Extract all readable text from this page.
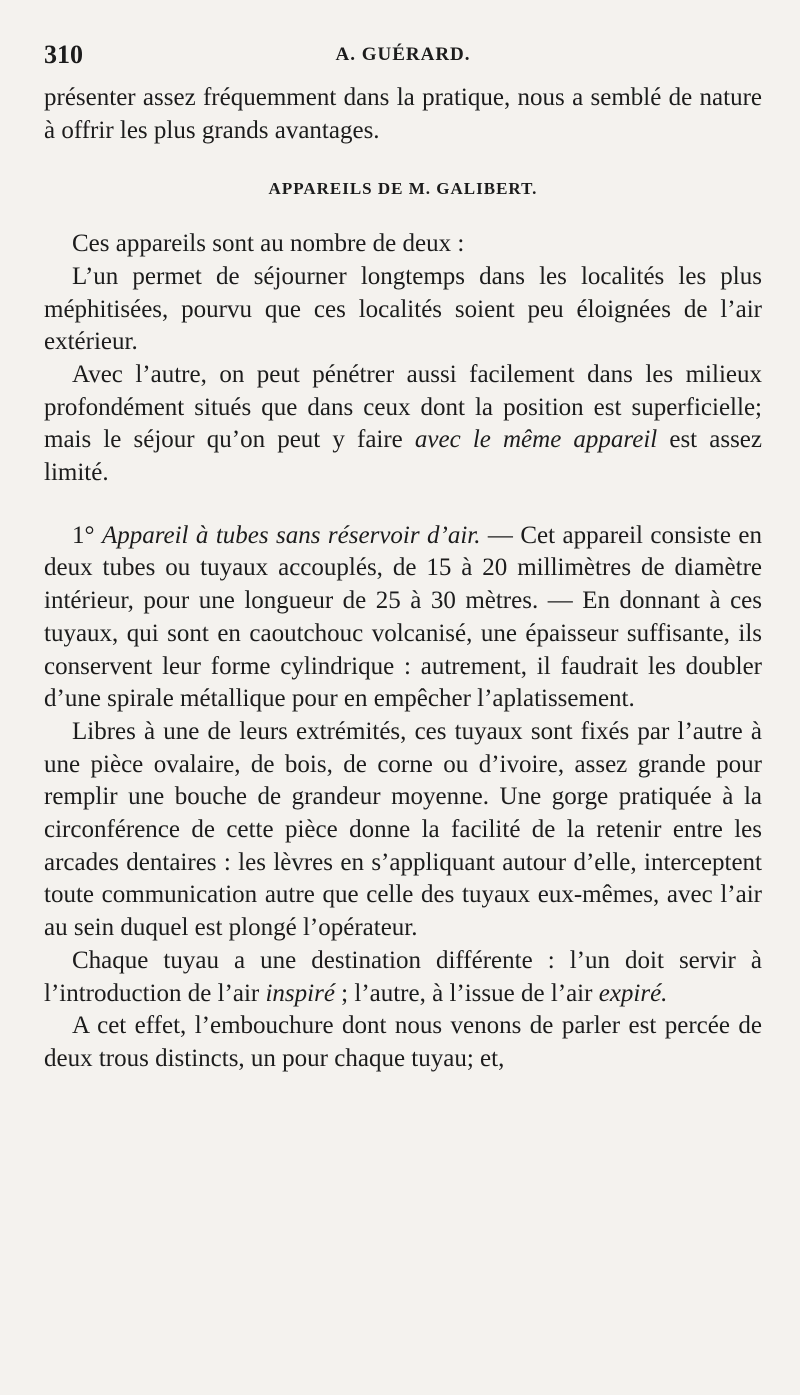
310	A. GUÉRARD.

présenter assez fréquemment dans la pratique, nous a semblé de nature à offrir les plus grands avantages.

APPAREILS DE M. GALIBERT.

Ces appareils sont au nombre de deux :

L’un permet de séjourner longtemps dans les localités les plus méphitisées, pourvu que ces localités soient peu éloignées de l’air extérieur.

Avec l’autre, on peut pénétrer aussi facilement dans les milieux profondément situés que dans ceux dont la position est superficielle; mais le séjour qu’on peut y faire avec le même appareil est assez limité.

1° Appareil à tubes sans réservoir d’air. — Cet appareil consiste en deux tubes ou tuyaux accouplés, de 15 à 20 millimètres de diamètre intérieur, pour une longueur de 25 à 30 mètres. — En donnant à ces tuyaux, qui sont en caoutchouc volcanisé, une épaisseur suffisante, ils conservent leur forme cylindrique : autrement, il faudrait les doubler d’une spirale métallique pour en empêcher l’aplatissement.

Libres à une de leurs extrémités, ces tuyaux sont fixés par l’autre à une pièce ovalaire, de bois, de corne ou d’ivoire, assez grande pour remplir une bouche de grandeur moyenne. Une gorge pratiquée à la circonférence de cette pièce donne la facilité de la retenir entre les arcades dentaires : les lèvres en s’appliquant autour d’elle, interceptent toute communication autre que celle des tuyaux eux-mêmes, avec l’air au sein duquel est plongé l’opérateur.

Chaque tuyau a une destination différente : l’un doit servir à l’introduction de l’air inspiré ; l’autre, à l’issue de l’air expiré.

A cet effet, l’embouchure dont nous venons de parler est percée de deux trous distincts, un pour chaque tuyau; et,
